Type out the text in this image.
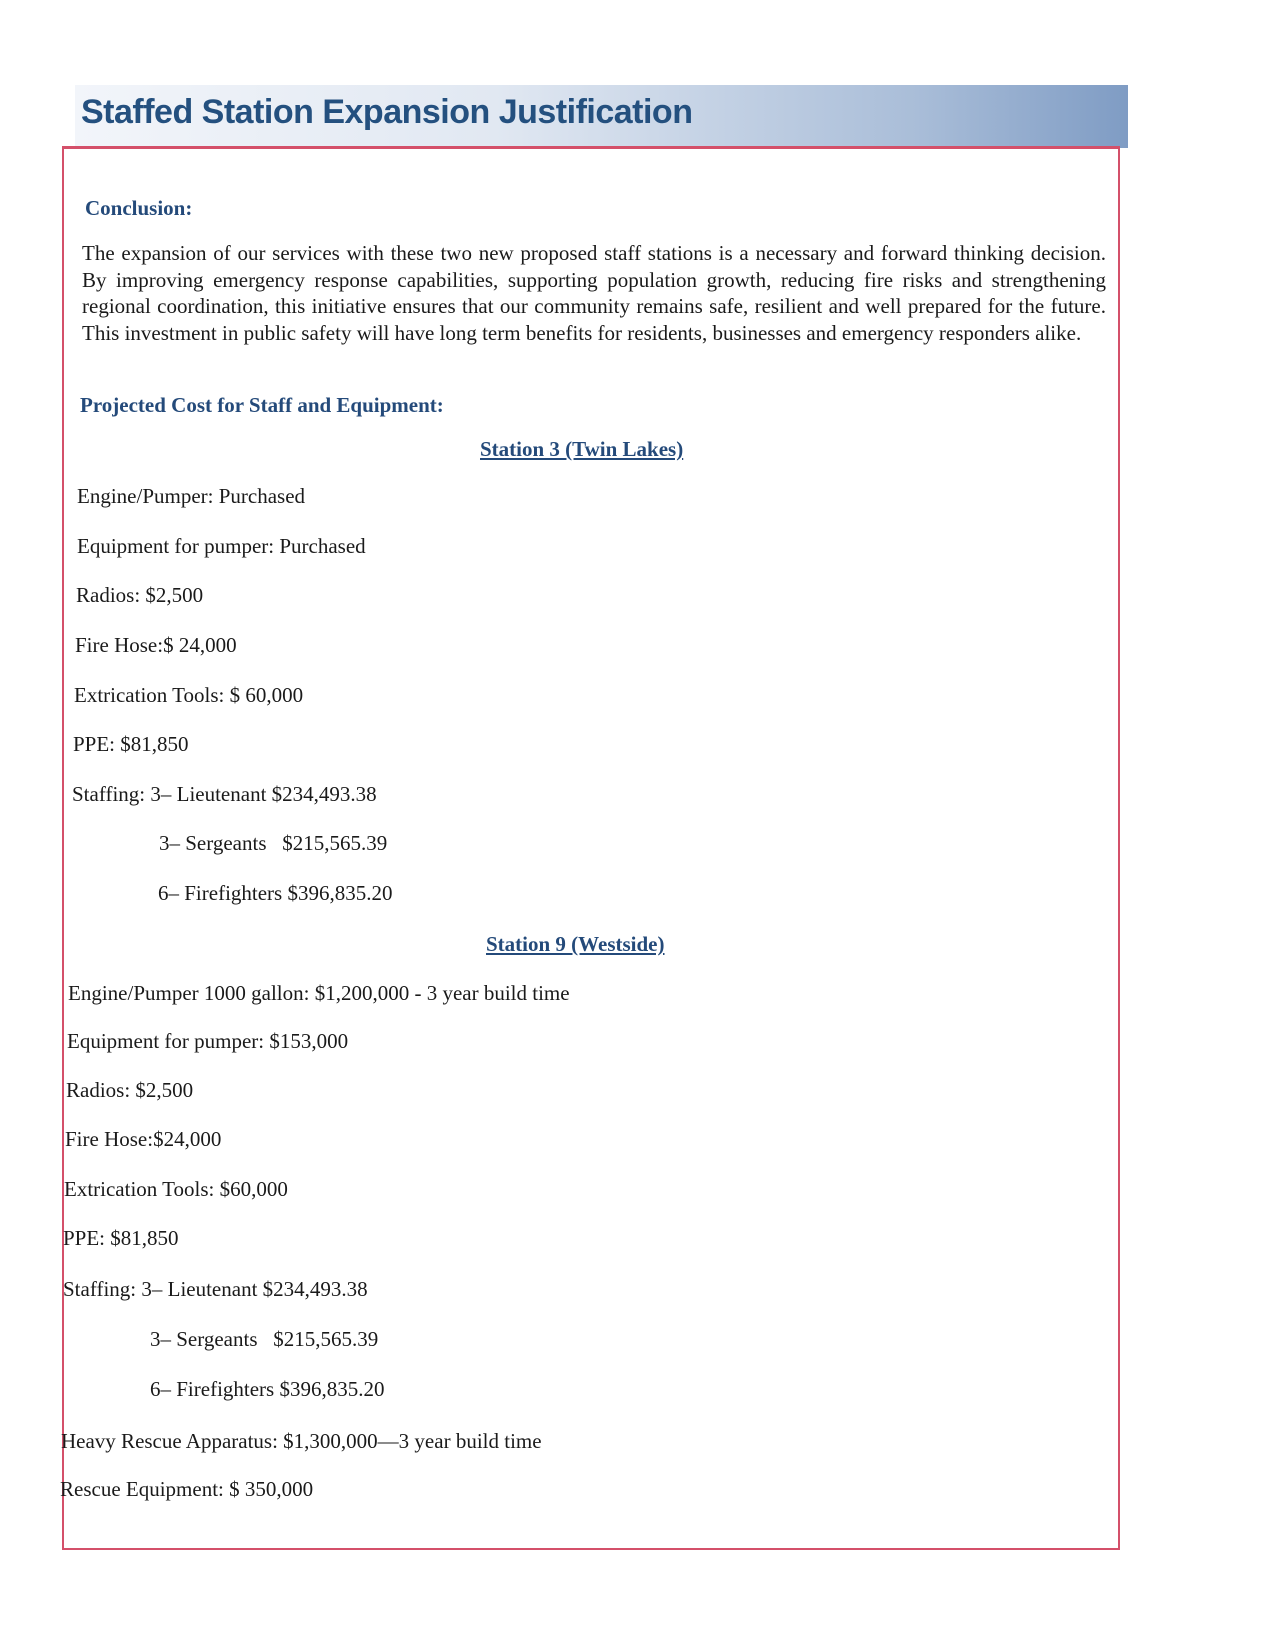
Staffed Station Expansion Justification
Conclusion:
The expansion of our services with these two new proposed staff stations is a necessary and forward thinking decision. By improving emergency response capabilities, supporting population growth, reducing fire risks and strengthening regional coordination, this initiative ensures that our community remains safe, resilient and well prepared for the future. This investment in public safety will have long term benefits for residents, businesses and emergency responders alike.
Projected Cost for Staff and Equipment:
Station 3 (Twin Lakes)
Engine/Pumper: Purchased
Equipment for pumper: Purchased
Radios: $2,500
Fire Hose:$ 24,000
Extrication Tools: $ 60,000
PPE: $81,850
Staffing: 3– Lieutenant $234,493.38
3– Sergeants   $215,565.39
6– Firefighters $396,835.20
Station 9 (Westside)
Engine/Pumper 1000 gallon: $1,200,000 - 3 year build time
Equipment for pumper: $153,000
Radios: $2,500
Fire Hose:$24,000
Extrication Tools: $60,000
PPE: $81,850
Staffing: 3– Lieutenant $234,493.38
3– Sergeants   $215,565.39
6– Firefighters $396,835.20
Heavy Rescue Apparatus: $1,300,000—3 year build time
Rescue Equipment: $ 350,000
